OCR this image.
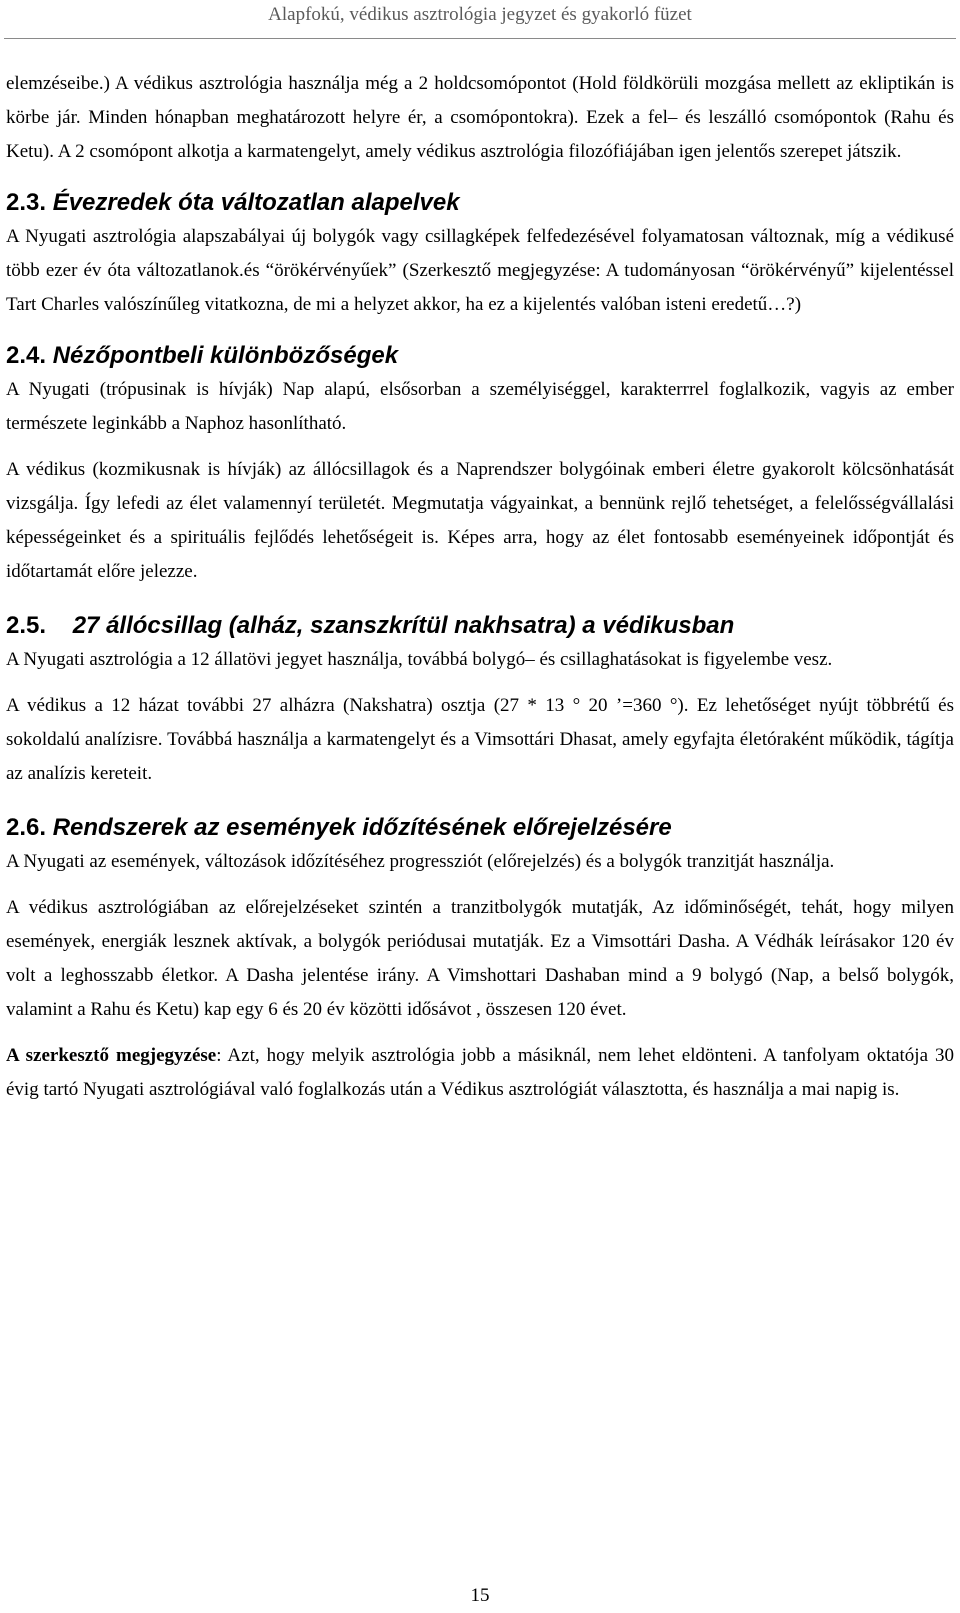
Alapfokú, védikus asztrológia jegyzet és gyakorló füzet

elemzéseibe.) A védikus asztrológia használja még a 2 holdcsomópontot (Hold földkörüli mozgása mellett az ekliptikán is körbe jár. Minden hónapban meghatározott helyre ér, a csomópontokra). Ezek a fel– és leszálló csomópontok (Rahu és Ketu). A 2 csomópont alkotja a karmatengelyt, amely védikus asztrológia filozófiájában igen jelentős szerepet játszik.

2.3. Évezredek óta változatlan alapelvek

A Nyugati asztrológia alapszabályai új bolygók vagy csillagképek felfedezésével folyamatosan változnak, míg a védikusé több ezer év óta változatlanok.és “örökérvényűek” (Szerkesztő megjegyzése: A tudományosan “örökérvényű” kijelentéssel Tart Charles valószínűleg vitatkozna, de mi a helyzet akkor, ha ez a kijelentés valóban isteni eredetű…?)

2.4. Nézőpontbeli különbözőségek

A Nyugati (trópusinak is hívják) Nap alapú, elsősorban a személyiséggel, karakterrrel foglalkozik, vagyis az ember természete leginkább a Naphoz hasonlítható.

A védikus (kozmikusnak is hívják) az állócsillagok és a Naprendszer bolygóinak emberi életre gyakorolt kölcsönhatását vizsgálja. Így lefedi az élet valamennyí területét. Megmutatja vágyainkat, a bennünk rejlő tehetséget, a felelősségvállalási képességeinket és a spirituális fejlődés lehetőségeit is. Képes arra, hogy az élet fontosabb eseményeinek időpontját és időtartamát előre jelezze.

2.5. 27 állócsillag (alház, szanszkrítül nakhsatra) a védikusban

A Nyugati asztrológia a 12 állatövi jegyet használja, továbbá bolygó– és csillaghatásokat is figyelembe vesz.

A védikus a 12 házat további 27 alházra (Nakshatra) osztja (27 * 13 ° 20 ’=360 °). Ez lehetőséget nyújt többrétű és sokoldalú analízisre. Továbbá használja a karmatengelyt és a Vimsottári Dhasat, amely egyfajta életóraként működik, tágítja az analízis kereteit.

2.6. Rendszerek az események időzítésének előrejelzésére

A Nyugati az események, változások időzítéséhez progressziót (előrejelzés) és a bolygók tranzitját használja.

A védikus asztrológiában az előrejelzéseket szintén a tranzitbolygók mutatják, Az időminőségét, tehát, hogy milyen események, energiák lesznek aktívak, a bolygók periódusai mutatják. Ez a Vimsottári Dasha. A Védhák leírásakor 120 év volt a leghosszabb életkor. A Dasha jelentése irány. A Vimshottari Dashaban mind a 9 bolygó (Nap, a belső bolygók, valamint a Rahu és Ketu) kap egy 6 és 20 év közötti idősávot , összesen 120 évet.

A szerkesztő megjegyzése: Azt, hogy melyik asztrológia jobb a másiknál, nem lehet eldönteni. A tanfolyam oktatója 30 évig tartó Nyugati asztrológiával való foglalkozás után a Védikus asztrológiát választotta, és használja a mai napig is.

15
